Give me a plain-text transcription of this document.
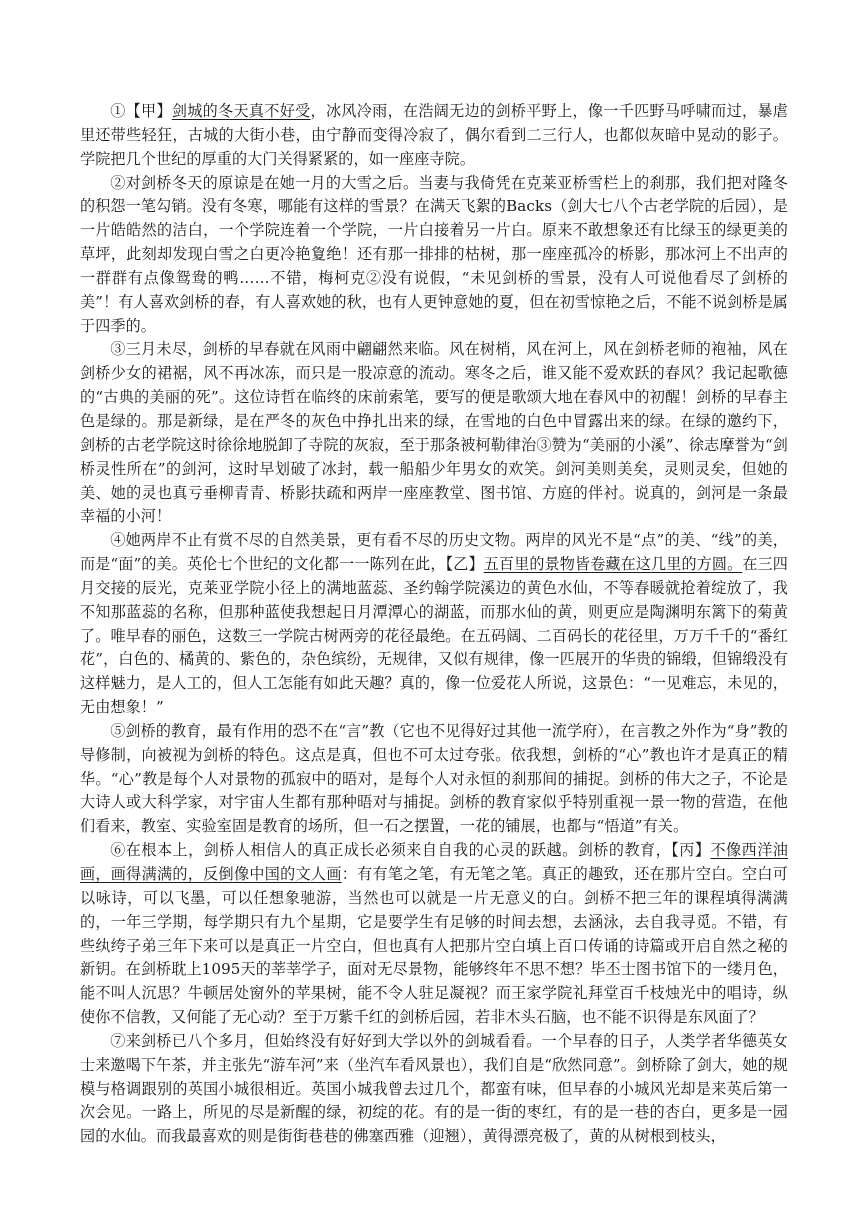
①【甲】剑城的冬天真不好受，冰风冷雨，在浩阔无边的剑桥平野上，像一千匹野马呼啸而过，暴虐里还带些轻狂，古城的大街小巷，由宁静而变得冷寂了，偶尔看到二三行人，也都似灰暗中晃动的影子。学院把几个世纪的厚重的大门关得紧紧的，如一座座寺院。

②对剑桥冬天的原谅是在她一月的大雪之后。当妻与我倚凭在克莱亚桥雪栏上的刹那，我们把对隆冬的积怨一笔勾销。没有冬寒，哪能有这样的雪景？在满天飞絮的Backs（剑大七八个古老学院的后园），是一片皓皓然的洁白，一个学院连着一个学院，一片白接着另一片白。原来不敢想象还有比绿玉的绿更美的草坪，此刻却发现白雪之白更冷艳夐绝！还有那一排排的枯树，那一座座孤冷的桥影，那冰河上不出声的一群群有点像鸳鸯的鸭……不错，梅柯克②没有说假，“未见剑桥的雪景，没有人可说他看尽了剑桥的美”！有人喜欢剑桥的春，有人喜欢她的秋，也有人更钟意她的夏，但在初雪惊艳之后，不能不说剑桥是属于四季的。

③三月未尽，剑桥的早春就在风雨中翩翩然来临。风在树梢，风在河上，风在剑桥老师的袍袖，风在剑桥少女的裙裾，风不再冰冻，而只是一股凉意的流动。寒冬之后，谁又能不爱欢跃的春风？我记起歌德的“古典的美丽的死”。这位诗哲在临终的床前索笔，要写的便是歌颂大地在春风中的初醒！剑桥的早春主色是绿的。那是新绿，是在严冬的灰色中挣扎出来的绿，在雪地的白色中冒露出来的绿。在绿的邀约下，剑桥的古老学院这时徐徐地脱卸了寺院的灰寂，至于那条被柯勒律治③赞为“美丽的小溪”、徐志摩誉为“剑桥灵性所在”的剑河，这时早划破了冰封，载一船船少年男女的欢笑。剑河美则美矣，灵则灵矣，但她的美、她的灵也真亏垂柳青青、桥影扶疏和两岸一座座教堂、图书馆、方庭的伴衬。说真的，剑河是一条最幸福的小河！

④她两岸不止有赏不尽的自然美景，更有看不尽的历史文物。两岸的风光不是“点”的美、“线”的美，而是“面”的美。英伦七个世纪的文化都一一陈列在此，【乙】五百里的景物皆卷藏在这几里的方圆。在三四月交接的辰光，克莱亚学院小径上的满地蓝蕊、圣约翰学院溪边的黄色水仙，不等春暖就抢着绽放了，我不知那蓝蕊的名称，但那种蓝使我想起日月潭潭心的湖蓝，而那水仙的黄，则更应是陶渊明东篱下的菊黄了。唯早春的丽色，这数三一学院古树两旁的花径最绝。在五码阔、二百码长的花径里，万万千千的“番红花”，白色的、橘黄的、紫色的，杂色缤纷，无规律，又似有规律，像一匹展开的华贵的锦缎，但锦缎没有这样魅力，是人工的，但人工怎能有如此天趣？真的，像一位爱花人所说，这景色：“一见难忘，未见的，无由想象！”

⑤剑桥的教育，最有作用的恐不在“言”教（它也不见得好过其他一流学府），在言教之外作为“身”教的导修制，向被视为剑桥的特色。这点是真，但也不可太过夸张。依我想，剑桥的“心”教也许才是真正的精华。“心”教是每个人对景物的孤寂中的晤对，是每个人对永恒的刹那间的捕捉。剑桥的伟大之子，不论是大诗人或大科学家，对宇宙人生都有那种晤对与捕捉。剑桥的教育家似乎特别重视一景一物的营造，在他们看来，教室、实验室固是教育的场所，但一石之摆置，一花的铺展，也都与“悟道”有关。

⑥在根本上，剑桥人相信人的真正成长必须来自自我的心灵的跃越。剑桥的教育，【丙】不像西洋油画，画得满满的，反倒像中国的文人画：有有笔之笔，有无笔之笔。真正的趣致，还在那片空白。空白可以咏诗，可以飞墨，可以任想象驰游，当然也可以就是一片无意义的白。剑桥不把三年的课程填得满满的，一年三学期，每学期只有九个星期，它是要学生有足够的时间去想，去涵泳，去自我寻觅。不错，有些纨绔子弟三年下来可以是真正一片空白，但也真有人把那片空白填上百口传诵的诗篇或开启自然之秘的新钥。在剑桥耽上1095天的莘莘学子，面对无尽景物，能够终年不思不想？毕丕士图书馆下的一缕月色，能不叫人沉思？牛顿居处窗外的苹果树，能不令人驻足凝视？而王家学院礼拜堂百千枝烛光中的唱诗，纵使你不信教，又何能了无心动？至于万紫千红的剑桥后园，若非木头石脑，也不能不识得是东风面了？

⑦来剑桥已八个多月，但始终没有好好到大学以外的剑城看看。一个早春的日子，人类学者华德英女士来邀喝下午茶，并主张先“游车河”来（坐汽车看风景也），我们自是“欣然同意”。剑桥除了剑大，她的规模与格调跟别的英国小城很相近。英国小城我曾去过几个，都蛮有味，但早春的小城风光却是来英后第一次会见。一路上，所见的尽是新醒的绿，初绽的花。有的是一街的枣红，有的是一巷的杏白，更多是一园园的水仙。而我最喜欢的则是街街巷巷的佛塞西雅（迎翘），黄得漂亮极了，黄的从树根到枝头，
